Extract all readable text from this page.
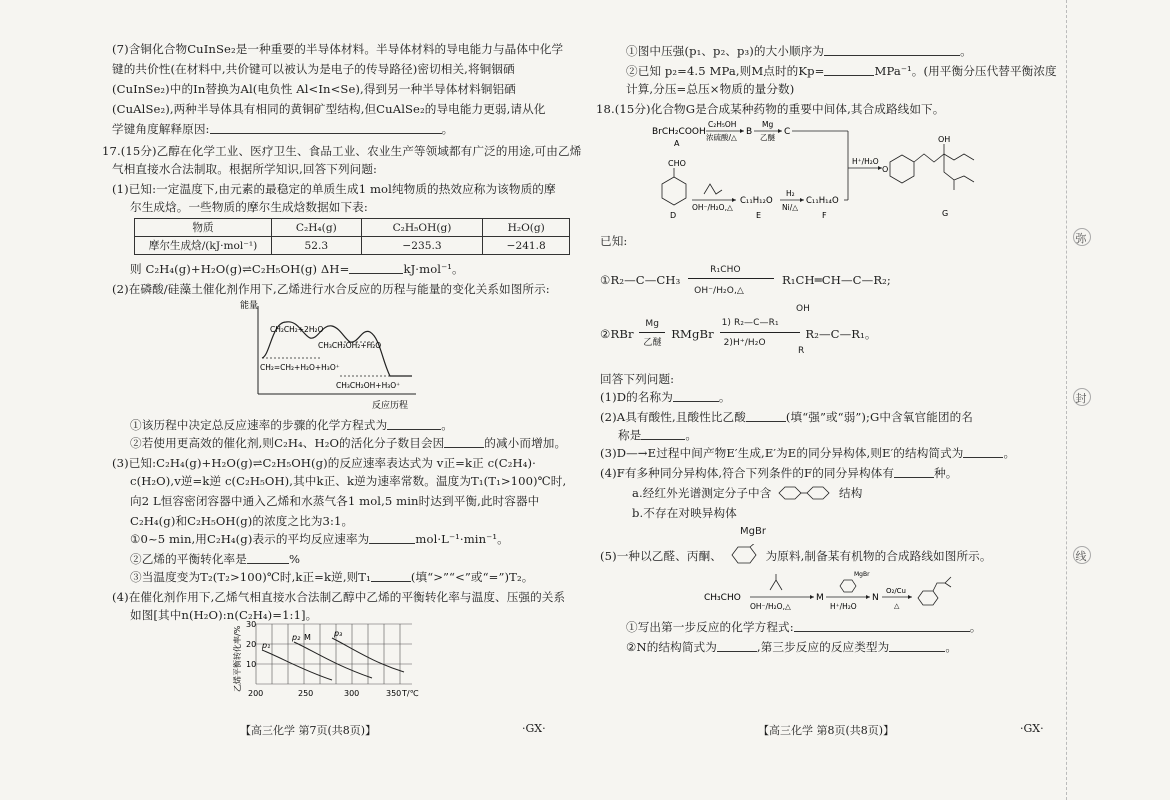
(7)含铜化合物CuInSe₂是一种重要的半导体材料。半导体材料的导电能力与晶体中化学
键的共价性(在材料中,共价键可以被认为是电子的传导路径)密切相关,将铜铟硒
(CuInSe₂)中的In替换为Al(电负性 Al<In<Se),得到另一种半导体材料铜铝硒
(CuAlSe₂),两种半导体具有相同的黄铜矿型结构,但CuAlSe₂的导电能力更弱,请从化
学键角度解释原因:	。
17.(15分)乙醇在化学工业、医疗卫生、食品工业、农业生产等领域都有广泛的用途,可由乙烯
气相直接水合法制取。根据所学知识,回答下列问题:
(1)已知:一定温度下,由元素的最稳定的单质生成1 mol纯物质的热效应称为该物质的摩
尔生成焓。一些物质的摩尔生成焓数据如下表:
物质	C₂H₄(g)	C₂H₅OH(g)	H₂O(g)
摩尔生成焓/(kJ·mol⁻¹)	52.3	−235.3	−241.8
则 C₂H₄(g)+H₂O(g)⇌C₂H₅OH(g) ΔH=	kJ·mol⁻¹。
(2)在磷酸/硅藻土催化剂作用下,乙烯进行水合反应的历程与能量的变化关系如图所示:
能量
反应历程
CH₂CH₂+2H₂O
CH₃CH₂OH₂+H₂O
CH₂=CH₂+H₂O+H₃O⁺
CH₃CH₂OH+H₃O⁺
①该历程中决定总反应速率的步骤的化学方程式为	。
②若使用更高效的催化剂,则C₂H₄、H₂O的活化分子数目会因	的减小而增加。
(3)已知:C₂H₄(g)+H₂O(g)⇌C₂H₅OH(g)的反应速率表达式为 v正=k正 c(C₂H₄)·
c(H₂O),v逆=k逆 c(C₂H₅OH),其中k正、k逆为速率常数。温度为T₁(T₁>100)℃时,
向2 L恒容密闭容器中通入乙烯和水蒸气各1 mol,5 min时达到平衡,此时容器中
C₂H₄(g)和C₂H₅OH(g)的浓度之比为3:1。
①0~5 min,用C₂H₄(g)表示的平均反应速率为	mol·L⁻¹·min⁻¹。
②乙烯的平衡转化率是	%
③当温度变为T₂(T₂>100)℃时,k正=k逆,则T₁	(填“>”“<”或“=”)T₂。
(4)在催化剂作用下,乙烯气相直接水合法制乙醇中乙烯的平衡转化率与温度、压强的关系
如图[其中n(H₂O):n(C₂H₄)=1:1]。
30
20
10
200	250	300	350 T/℃
p₁
p₂ M	p₃
乙烯平衡转化率/%
【高三化学 第7页(共8页)】	·GX·
①图中压强(p₁、p₂、p₃)的大小顺序为	。
②已知 p₂=4.5 MPa,则M点时的Kp=	MPa⁻¹。(用平衡分压代替平衡浓度
计算,分压=总压×物质的量分数)
18.(15分)化合物G是合成某种药物的重要中间体,其合成路线如下。
BrCH₂COOH
A
C₂H₅OH
浓硫酸/△
B
Mg
乙醚
C
H⁺/H₂O
CHO
D
OH⁻/H₂O,△
C₁₁H₁₂O
E
H₂
Ni/△
C₁₁H₁₄O
F
O
OH
G
已知:
①R₂—C—CH₃
R₁CHO
OH⁻/H₂O,△
R₁CH═CH—C—R₂;
②RBr
Mg
乙醚
RMgBr $\frac{\text{1) R₂—C—R₁}}{\text{2)H⁺/H₂O}}$ R₂—C—R₁。
OH
R
回答下列问题:
(1)D的名称为	。
(2)A具有酸性,且酸性比乙酸	(填“强”或“弱”);G中含氧官能团的名
称是	。
(3)D—→E过程中间产物E′生成,E′为E的同分异构体,则E′的结构简式为	。
(4)F有多种同分异构体,符合下列条件的F的同分异构体有	种。
a.经红外光谱测定分子中含	结构
b.不存在对映异构体
MgBr
(5)一种以乙醛、丙酮、	为原料,制备某有机物的合成路线如图所示。
CH₃CHO
OH⁻/H₂O,△
M
MgBr
H⁺/H₂O
N
O₂/Cu
△
①写出第一步反应的化学方程式:	。
②N的结构简式为	,第三步反应的反应类型为	。
【高三化学 第8页(共8页)】	·GX·
弥
封
线
